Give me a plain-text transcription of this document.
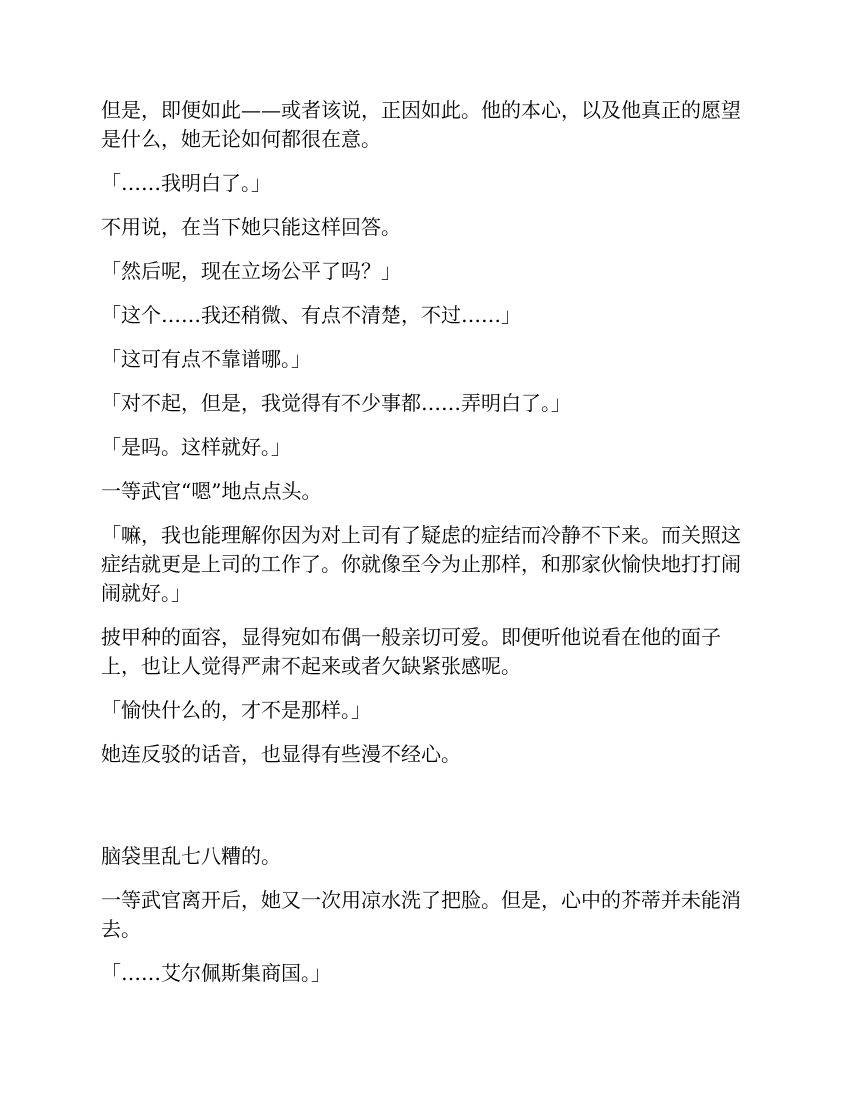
但是，即便如此——或者该说，正因如此。他的本心，以及他真正的愿望是什么，她无论如何都很在意。

「……我明白了。」

不用说，在当下她只能这样回答。

「然后呢，现在立场公平了吗？」

「这个……我还稍微、有点不清楚，不过……」

「这可有点不靠谱哪。」

「对不起，但是，我觉得有不少事都……弄明白了。」

「是吗。这样就好。」

一等武官“嗯”地点点头。

「嘛，我也能理解你因为对上司有了疑虑的症结而冷静不下来。而关照这症结就更是上司的工作了。你就像至今为止那样，和那家伙愉快地打打闹闹就好。」

披甲种的面容，显得宛如布偶一般亲切可爱。即便听他说看在他的面子上，也让人觉得严肃不起来或者欠缺紧张感呢。

「愉快什么的，才不是那样。」

她连反驳的话音，也显得有些漫不经心。

脑袋里乱七八糟的。

一等武官离开后，她又一次用凉水洗了把脸。但是，心中的芥蒂并未能消去。

「……艾尔佩斯集商国。」
